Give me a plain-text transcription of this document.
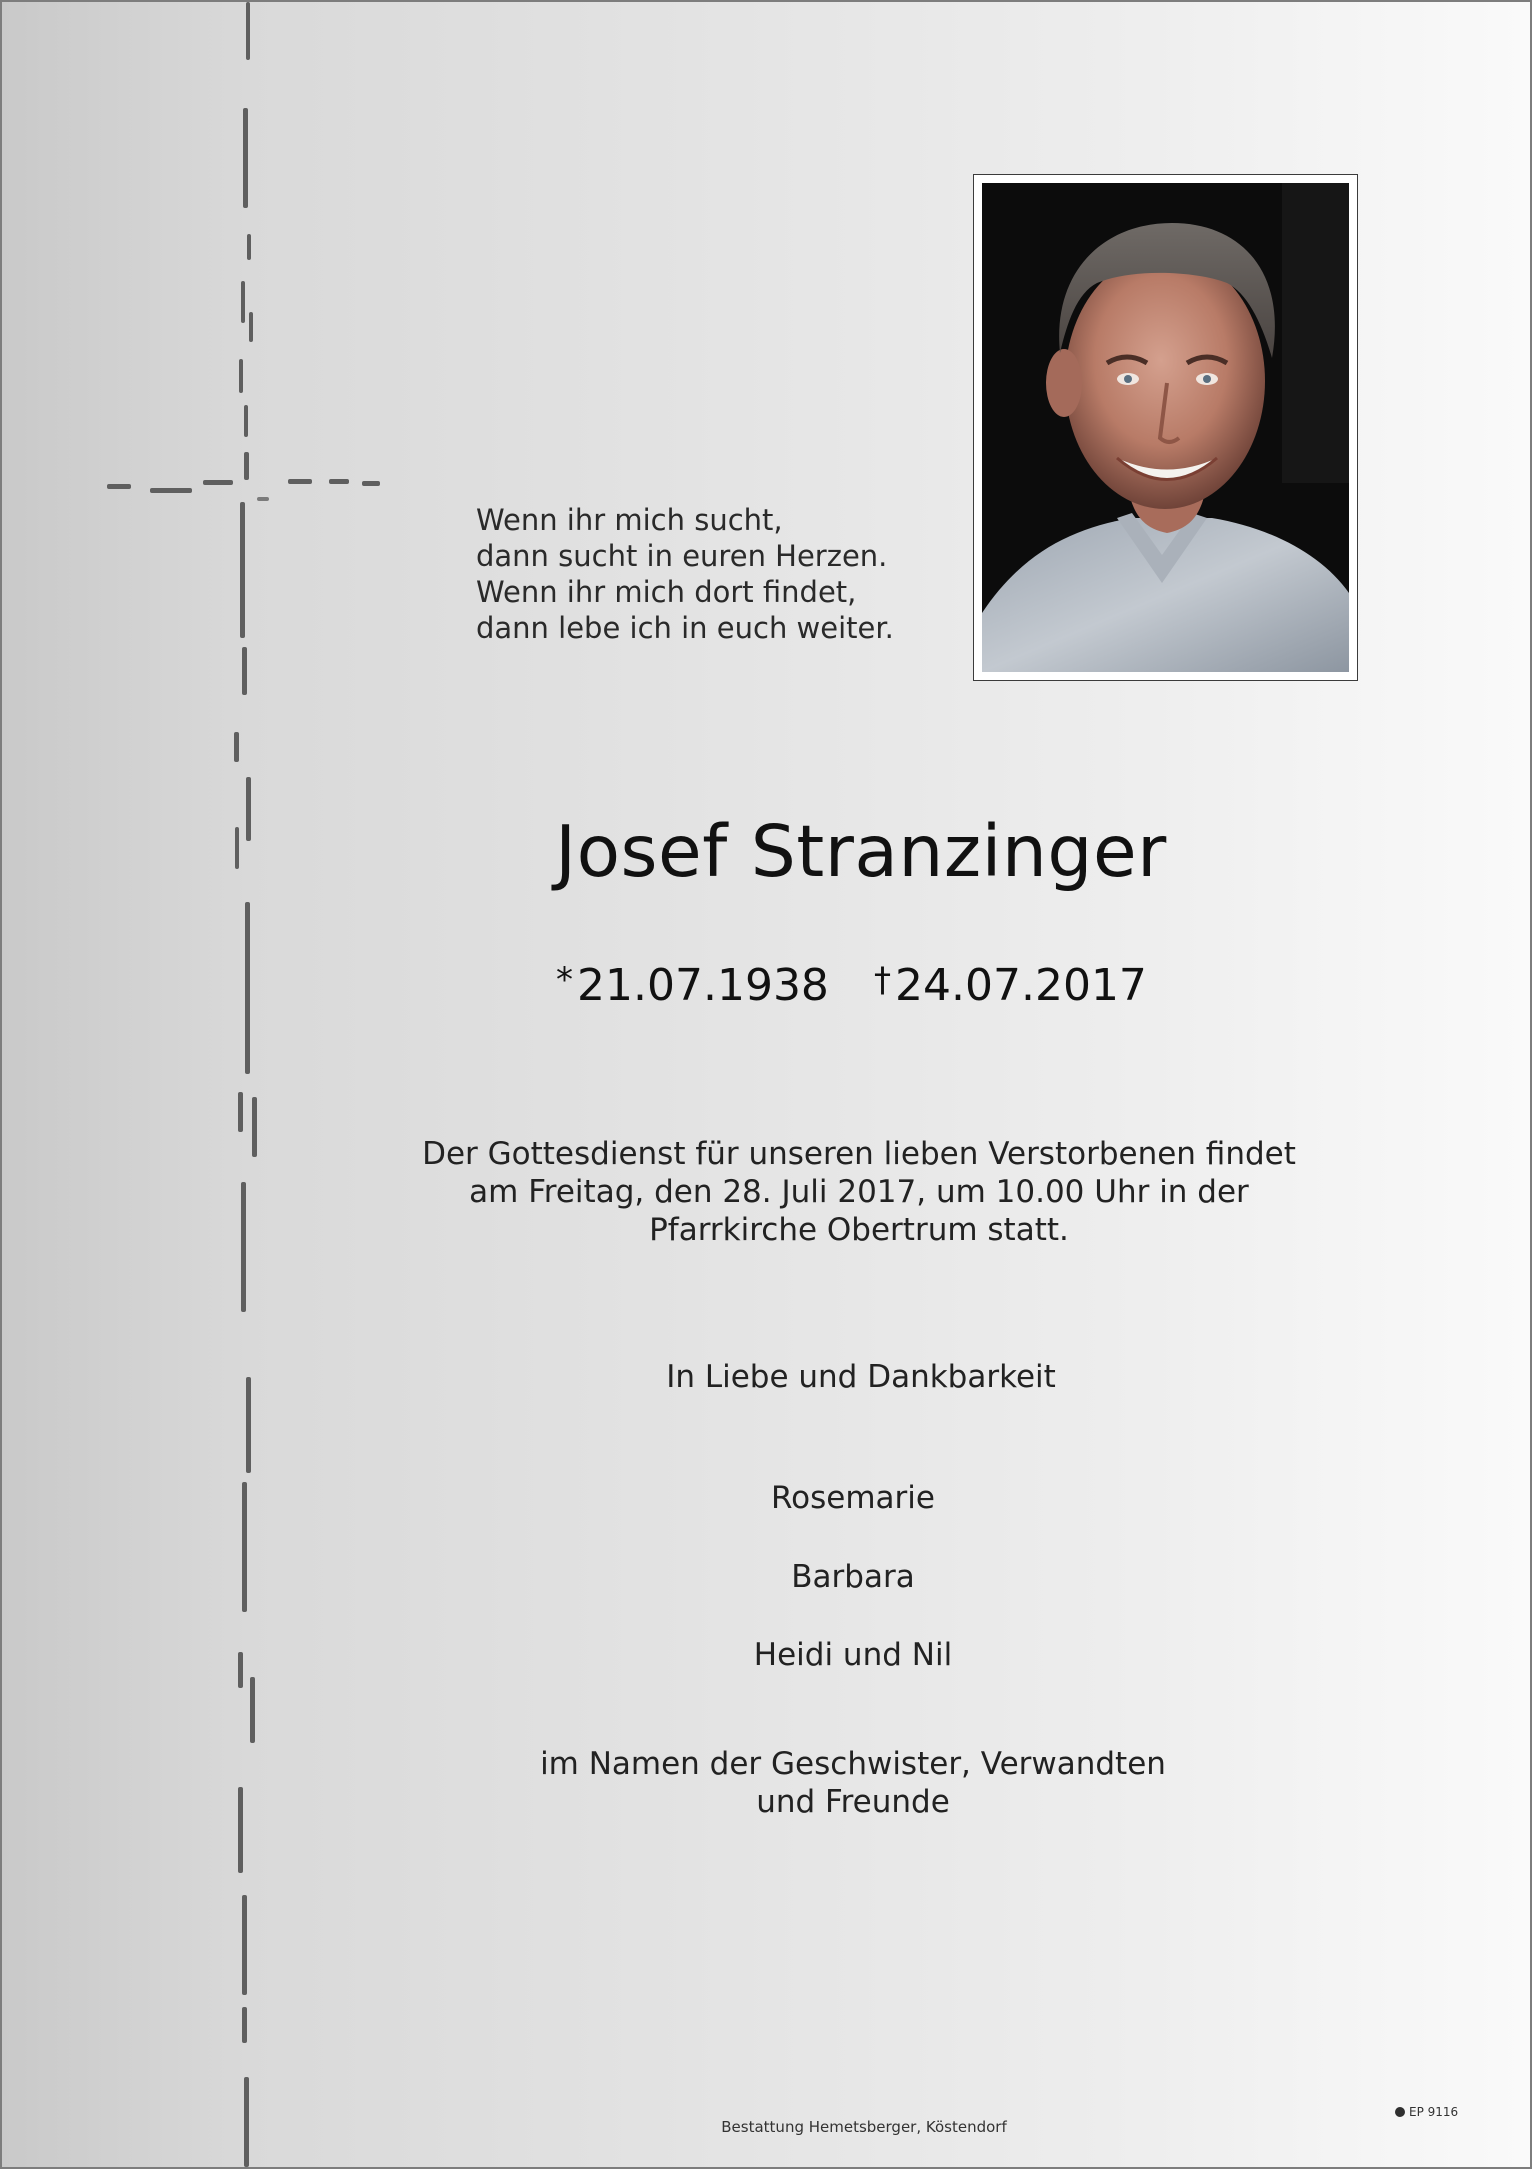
Wenn ihr mich sucht,
dann sucht in euren Herzen.
Wenn ihr mich dort findet,
dann lebe ich in euch weiter.
Josef Stranzinger
*21.07.1938 †24.07.2017
Der Gottesdienst für unseren lieben Verstorbenen findet
am Freitag, den 28. Juli 2017, um 10.00 Uhr in der
Pfarrkirche Obertrum statt.
In Liebe und Dankbarkeit
Rosemarie
Barbara
Heidi und Nil
im Namen der Geschwister, Verwandten
und Freunde
Bestattung Hemetsberger, Köstendorf
EP 9116
